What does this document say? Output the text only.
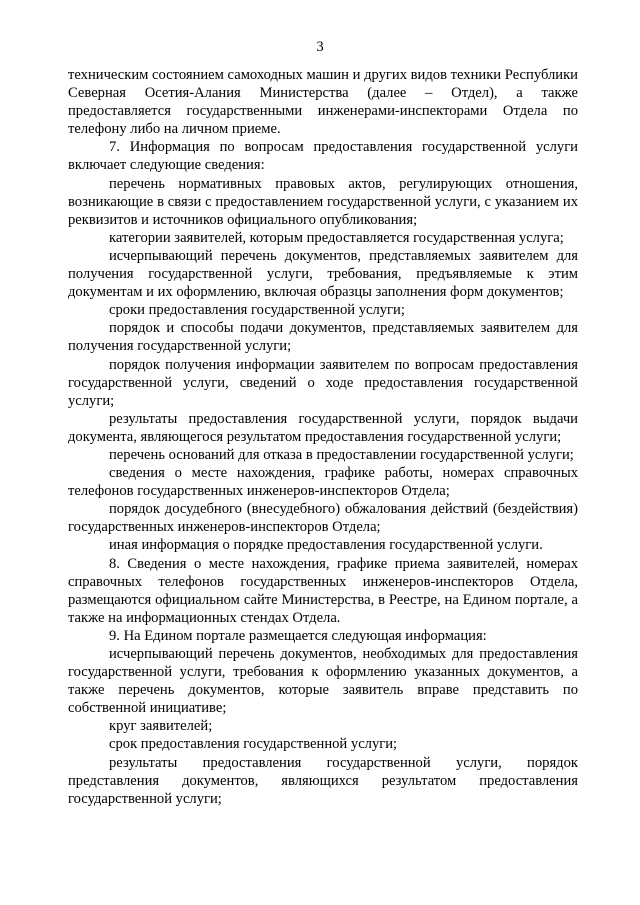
3

техническим состоянием самоходных машин и других видов техники Республики Северная Осетия-Алания Министерства (далее – Отдел), а также предоставляется государственными инженерами-инспекторами Отдела по телефону либо на личном приеме.

7. Информация по вопросам предоставления государственной услуги включает следующие сведения:

перечень нормативных правовых актов, регулирующих отношения, возникающие в связи с предоставлением государственной услуги, с указанием их реквизитов и источников официального опубликования;

категории заявителей, которым предоставляется государственная услуга;

исчерпывающий перечень документов, представляемых заявителем для получения государственной услуги, требования, предъявляемые к этим документам и их оформлению, включая образцы заполнения форм документов;

сроки предоставления государственной услуги;

порядок и способы подачи документов, представляемых заявителем для получения государственной услуги;

порядок получения информации заявителем по вопросам предоставления государственной услуги, сведений о ходе предоставления государственной услуги;

результаты предоставления государственной услуги, порядок выдачи документа, являющегося результатом предоставления государственной услуги;

перечень оснований для отказа в предоставлении государственной услуги;

сведения о месте нахождения, графике работы, номерах справочных телефонов государственных инженеров-инспекторов Отдела;

порядок досудебного (внесудебного) обжалования действий (бездействия) государственных инженеров-инспекторов Отдела;

иная информация о порядке предоставления государственной услуги.

8. Сведения о месте нахождения, графике приема заявителей, номерах справочных телефонов государственных инженеров-инспекторов Отдела, размещаются официальном сайте Министерства, в Реестре, на Едином портале, а также на информационных стендах Отдела.

9. На Едином портале размещается следующая информация:

исчерпывающий перечень документов, необходимых для предоставления государственной услуги, требования к оформлению указанных документов, а также перечень документов, которые заявитель вправе представить по собственной инициативе;

круг заявителей;

срок предоставления государственной услуги;

результаты предоставления государственной услуги, порядок представления документов, являющихся результатом предоставления государственной услуги;
